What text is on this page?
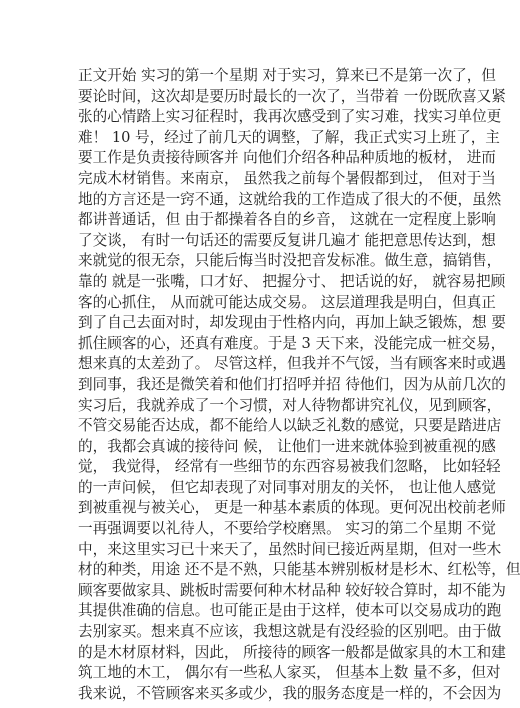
正文开始 实习的第一个星期 对于实习，算来已不是第一次了，但
要论时间，这次却是要历时最长的一次了，当带着 一份既欣喜又紧
张的心情踏上实习征程时，我再次感受到了实习难，找实习单位更
难！ 10 号，经过了前几天的调整，了解，我正式实习上班了，主
要工作是负责接待顾客并 向他们介绍各种品种质地的板材， 进而
完成木材销售。来南京， 虽然我之前每个暑假都到过， 但对于当
地的方言还是一窍不通，这就给我的工作造成了很大的不便，虽然
都讲普通话，但 由于都操着各自的乡音， 这就在一定程度上影响
了交谈， 有时一句话还的需要反复讲几遍才 能把意思传达到，想
来就觉的很无奈，只能后悔当时没把音发标准。做生意，搞销售，
靠的 就是一张嘴，口才好、 把握分寸、 把话说的好， 就容易把顾
客的心抓住， 从而就可能达成交易。 这层道理我是明白，但真正
到了自己去面对时，却发现由于性格内向，再加上缺乏锻炼，想 要
抓住顾客的心，还真有难度。于是 3 天下来，没能完成一桩交易，
想来真的太差劲了。 尽管这样，但我并不气馁，当有顾客来时或遇
到同事，我还是微笑着和他们打招呼并招 待他们，因为从前几次的
实习后，我就养成了一个习惯，对人待物都讲究礼仪，见到顾客，
不管交易能否达成，都不能给人以缺乏礼数的感觉，只要是踏进店
的，我都会真诚的接待问 候， 让他们一进来就体验到被重视的感
觉， 我觉得， 经常有一些细节的东西容易被我们忽略， 比如轻轻
的一声问候， 但它却表现了对同事对朋友的关怀， 也让他人感觉
到被重视与被关心， 更是一种基本素质的体现。更何况出校前老师
一再强调要以礼待人，不要给学校磨黑。 实习的第二个星期 不觉
中，来这里实习已十来天了，虽然时间已接近两星期，但对一些木
材的种类，用途 还不是不熟，只能基本辨别板材是杉木、红松等，但
顾客要做家具、跳板时需要何种木材品种 较好较合算时，却不能为
其提供准确的信息。也可能正是由于这样，使本可以交易成功的跑
去别家买。想来真不应该，我想这就是有没经验的区别吧。由于做
的是木材原材料，因此， 所接待的顾客一般都是做家具的木工和建
筑工地的木工， 偶尔有一些私人家买， 但基本上数 量不多，但对
我来说，不管顾客来买多或少，我的服务态度是一样的，不会因为
